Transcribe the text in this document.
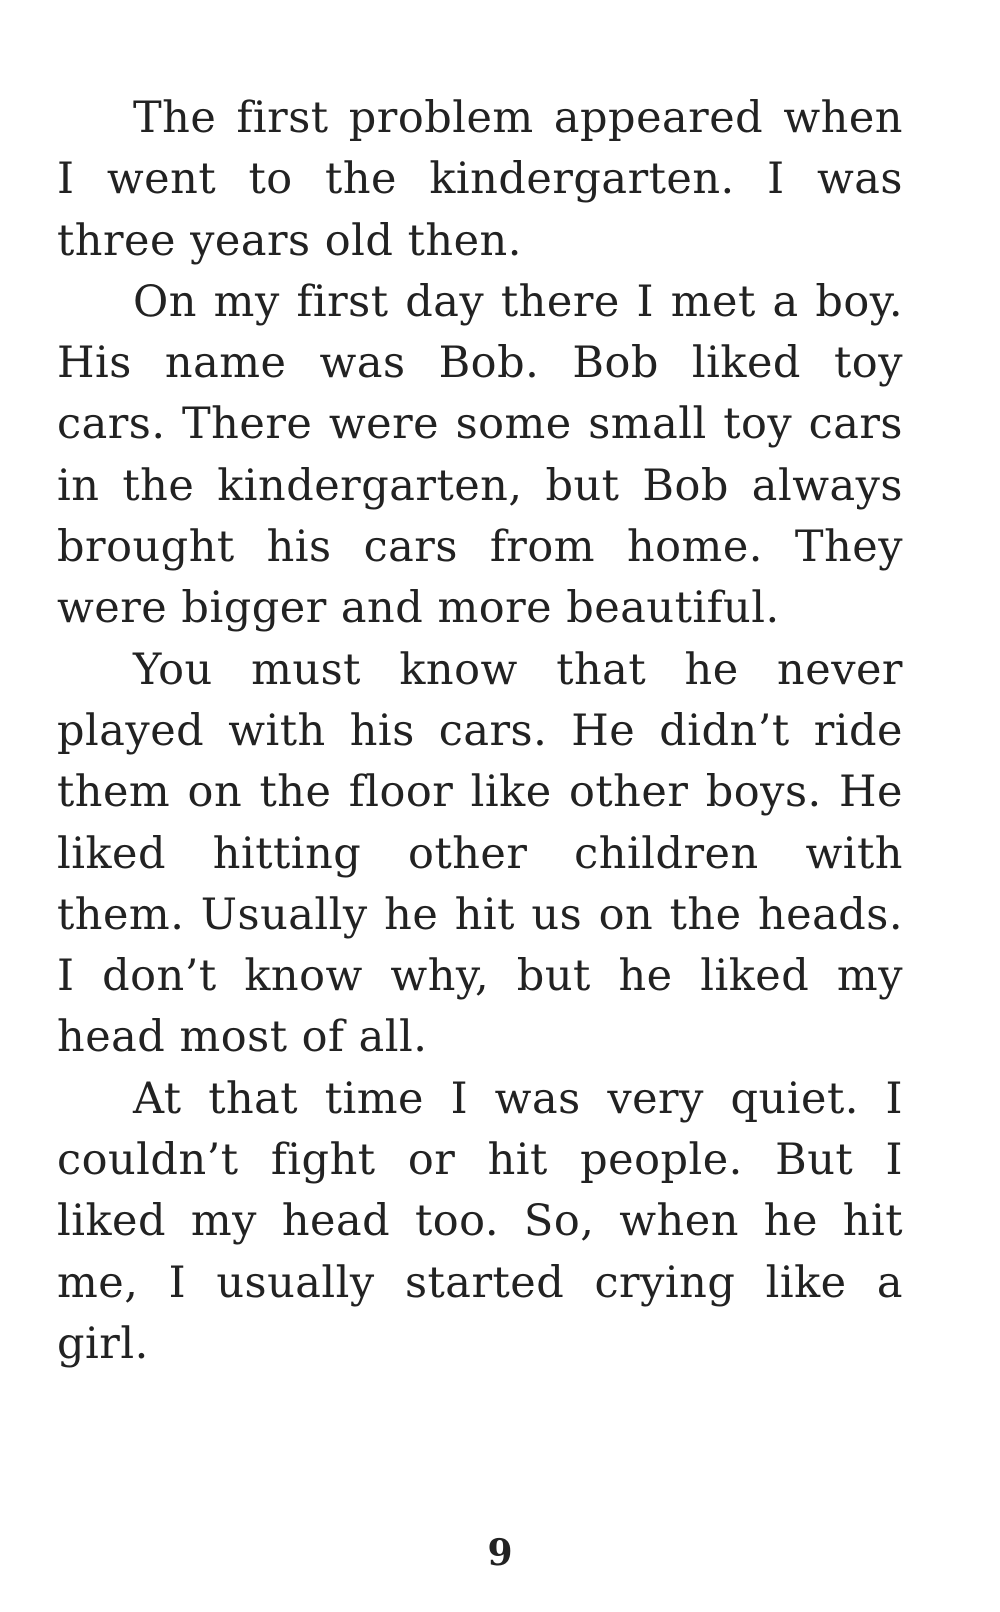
The first problem appeared when I went to the kindergarten. I was three years old then.

On my first day there I met a boy. His name was Bob. Bob liked toy cars. There were some small toy cars in the kindergarten, but Bob always brought his cars from home. They were bigger and more beautiful.

You must know that he never played with his cars. He didn’t ride them on the floor like other boys. He liked hitting other children with them. Usually he hit us on the heads. I don’t know why, but he liked my head most of all.

At that time I was very quiet. I couldn’t fight or hit people. But I liked my head too. So, when he hit me, I usually started crying like a girl.

9
